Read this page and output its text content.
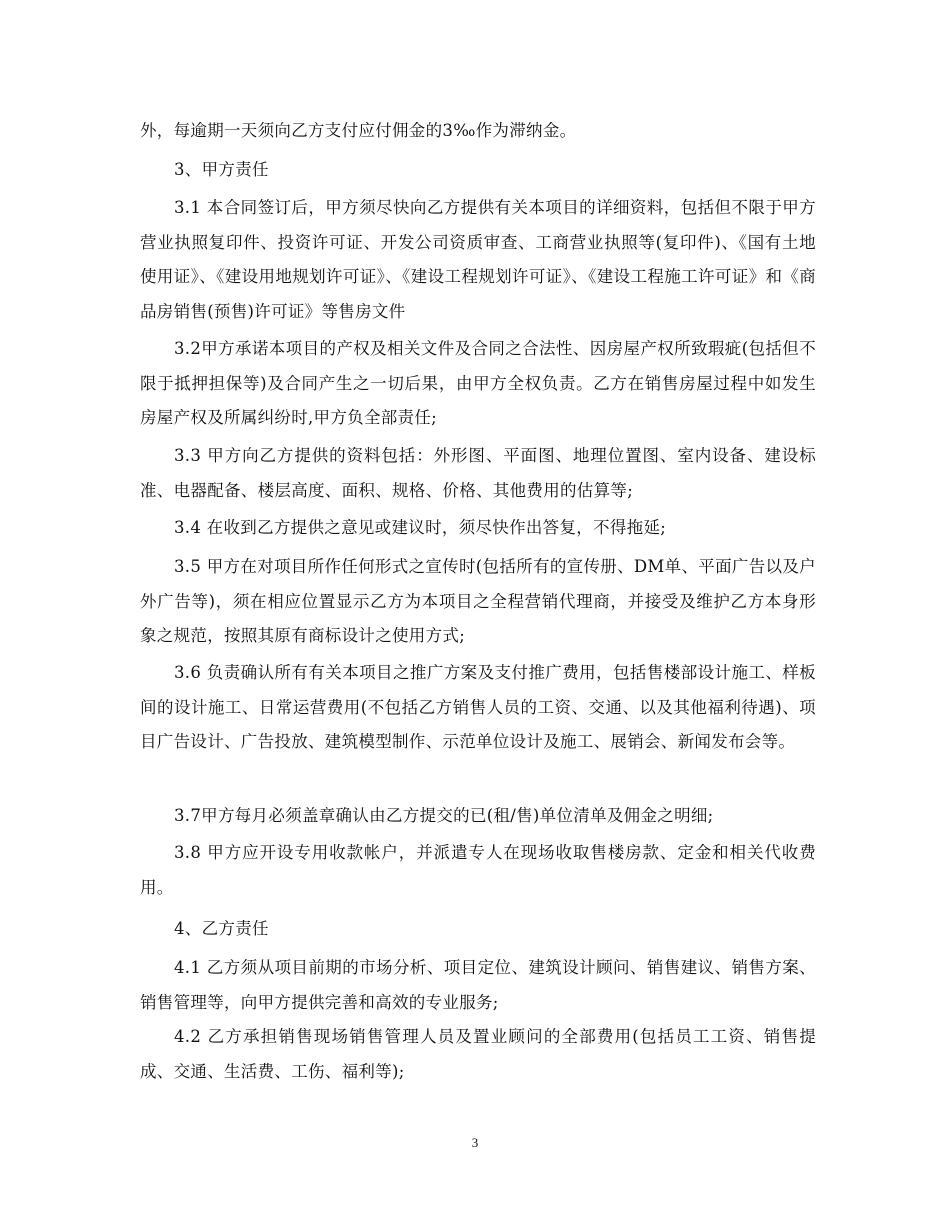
外，每逾期一天须向乙方支付应付佣金的3‰作为滞纳金。

3、甲方责任

3.1 本合同签订后，甲方须尽快向乙方提供有关本项目的详细资料，包括但不限于甲方营业执照复印件、投资许可证、开发公司资质审查、工商营业执照等(复印件)、《国有土地使用证》、《建设用地规划许可证》、《建设工程规划许可证》、《建设工程施工许可证》和《商品房销售(预售)许可证》等售房文件

3.2甲方承诺本项目的产权及相关文件及合同之合法性、因房屋产权所致瑕疵(包括但不限于抵押担保等)及合同产生之一切后果，由甲方全权负责。乙方在销售房屋过程中如发生房屋产权及所属纠纷时,甲方负全部责任;

3.3 甲方向乙方提供的资料包括：外形图、平面图、地理位置图、室内设备、建设标准、电器配备、楼层高度、面积、规格、价格、其他费用的估算等;

3.4 在收到乙方提供之意见或建议时，须尽快作出答复，不得拖延;

3.5 甲方在对项目所作任何形式之宣传时(包括所有的宣传册、DM单、平面广告以及户外广告等)，须在相应位置显示乙方为本项目之全程营销代理商，并接受及维护乙方本身形象之规范，按照其原有商标设计之使用方式;

3.6 负责确认所有有关本项目之推广方案及支付推广费用，包括售楼部设计施工、样板间的设计施工、日常运营费用(不包括乙方销售人员的工资、交通、以及其他福利待遇)、项目广告设计、广告投放、建筑模型制作、示范单位设计及施工、展销会、新闻发布会等。

3.7甲方每月必须盖章确认由乙方提交的已(租/售)单位清单及佣金之明细;

3.8 甲方应开设专用收款帐户，并派遣专人在现场收取售楼房款、定金和相关代收费用。

4、乙方责任

4.1 乙方须从项目前期的市场分析、项目定位、建筑设计顾问、销售建议、销售方案、销售管理等，向甲方提供完善和高效的专业服务;

4.2 乙方承担销售现场销售管理人员及置业顾问的全部费用(包括员工工资、销售提成、交通、生活费、工伤、福利等);

3
